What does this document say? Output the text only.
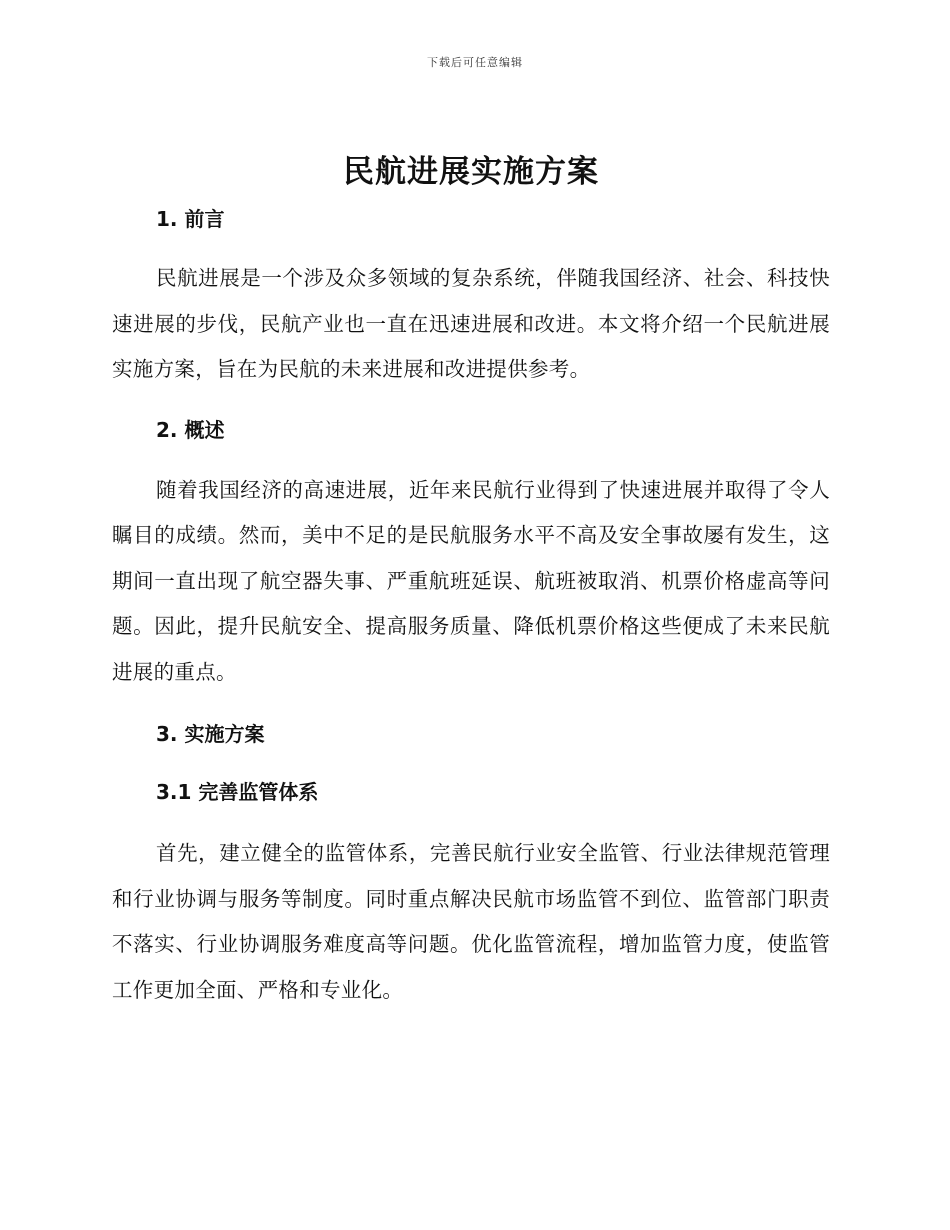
下载后可任意编辑
民航进展实施方案
1. 前言

民航进展是一个涉及众多领域的复杂系统，伴随我国经济、社会、科技快速进展的步伐，民航产业也一直在迅速进展和改进。本文将介绍一个民航进展实施方案，旨在为民航的未来进展和改进提供参考。

2. 概述

随着我国经济的高速进展，近年来民航行业得到了快速进展并取得了令人瞩目的成绩。然而，美中不足的是民航服务水平不高及安全事故屡有发生，这期间一直出现了航空器失事、严重航班延误、航班被取消、机票价格虚高等问题。因此，提升民航安全、提高服务质量、降低机票价格这些便成了未来民航进展的重点。

3. 实施方案
3.1 完善监管体系

首先，建立健全的监管体系，完善民航行业安全监管、行业法律规范管理和行业协调与服务等制度。同时重点解决民航市场监管不到位、监管部门职责不落实、行业协调服务难度高等问题。优化监管流程，增加监管力度，使监管工作更加全面、严格和专业化。
